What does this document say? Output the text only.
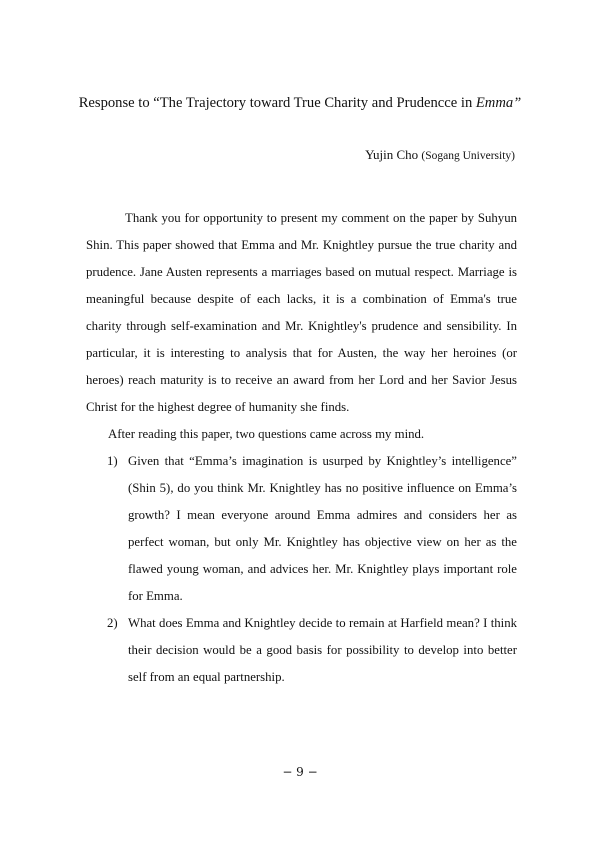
Response to “The Trajectory toward True Charity and Prudencce in Emma”
Yujin Cho (Sogang University)

Thank you for opportunity to present my comment on the paper by Suhyun Shin. This paper showed that Emma and Mr. Knightley pursue the true charity and prudence. Jane Austen represents a marriages based on mutual respect. Marriage is meaningful because despite of each lacks, it is a combination of Emma's true charity through self-examination and Mr. Knightley's prudence and sensibility. In particular, it is interesting to analysis that for Austen, the way her heroines (or heroes) reach maturity is to receive an award from her Lord and her Savior Jesus Christ for the highest degree of humanity she finds.

After reading this paper, two questions came across my mind.

1) Given that “Emma’s imagination is usurped by Knightley’s intelligence” (Shin 5), do you think Mr. Knightley has no positive influence on Emma’s growth? I mean everyone around Emma admires and considers her as perfect woman, but only Mr. Knightley has objective view on her as the flawed young woman, and advices her. Mr. Knightley plays important role for Emma.
2) What does Emma and Knightley decide to remain at Harfield mean? I think their decision would be a good basis for possibility to develop into better self from an equal partnership.
− 9 −
